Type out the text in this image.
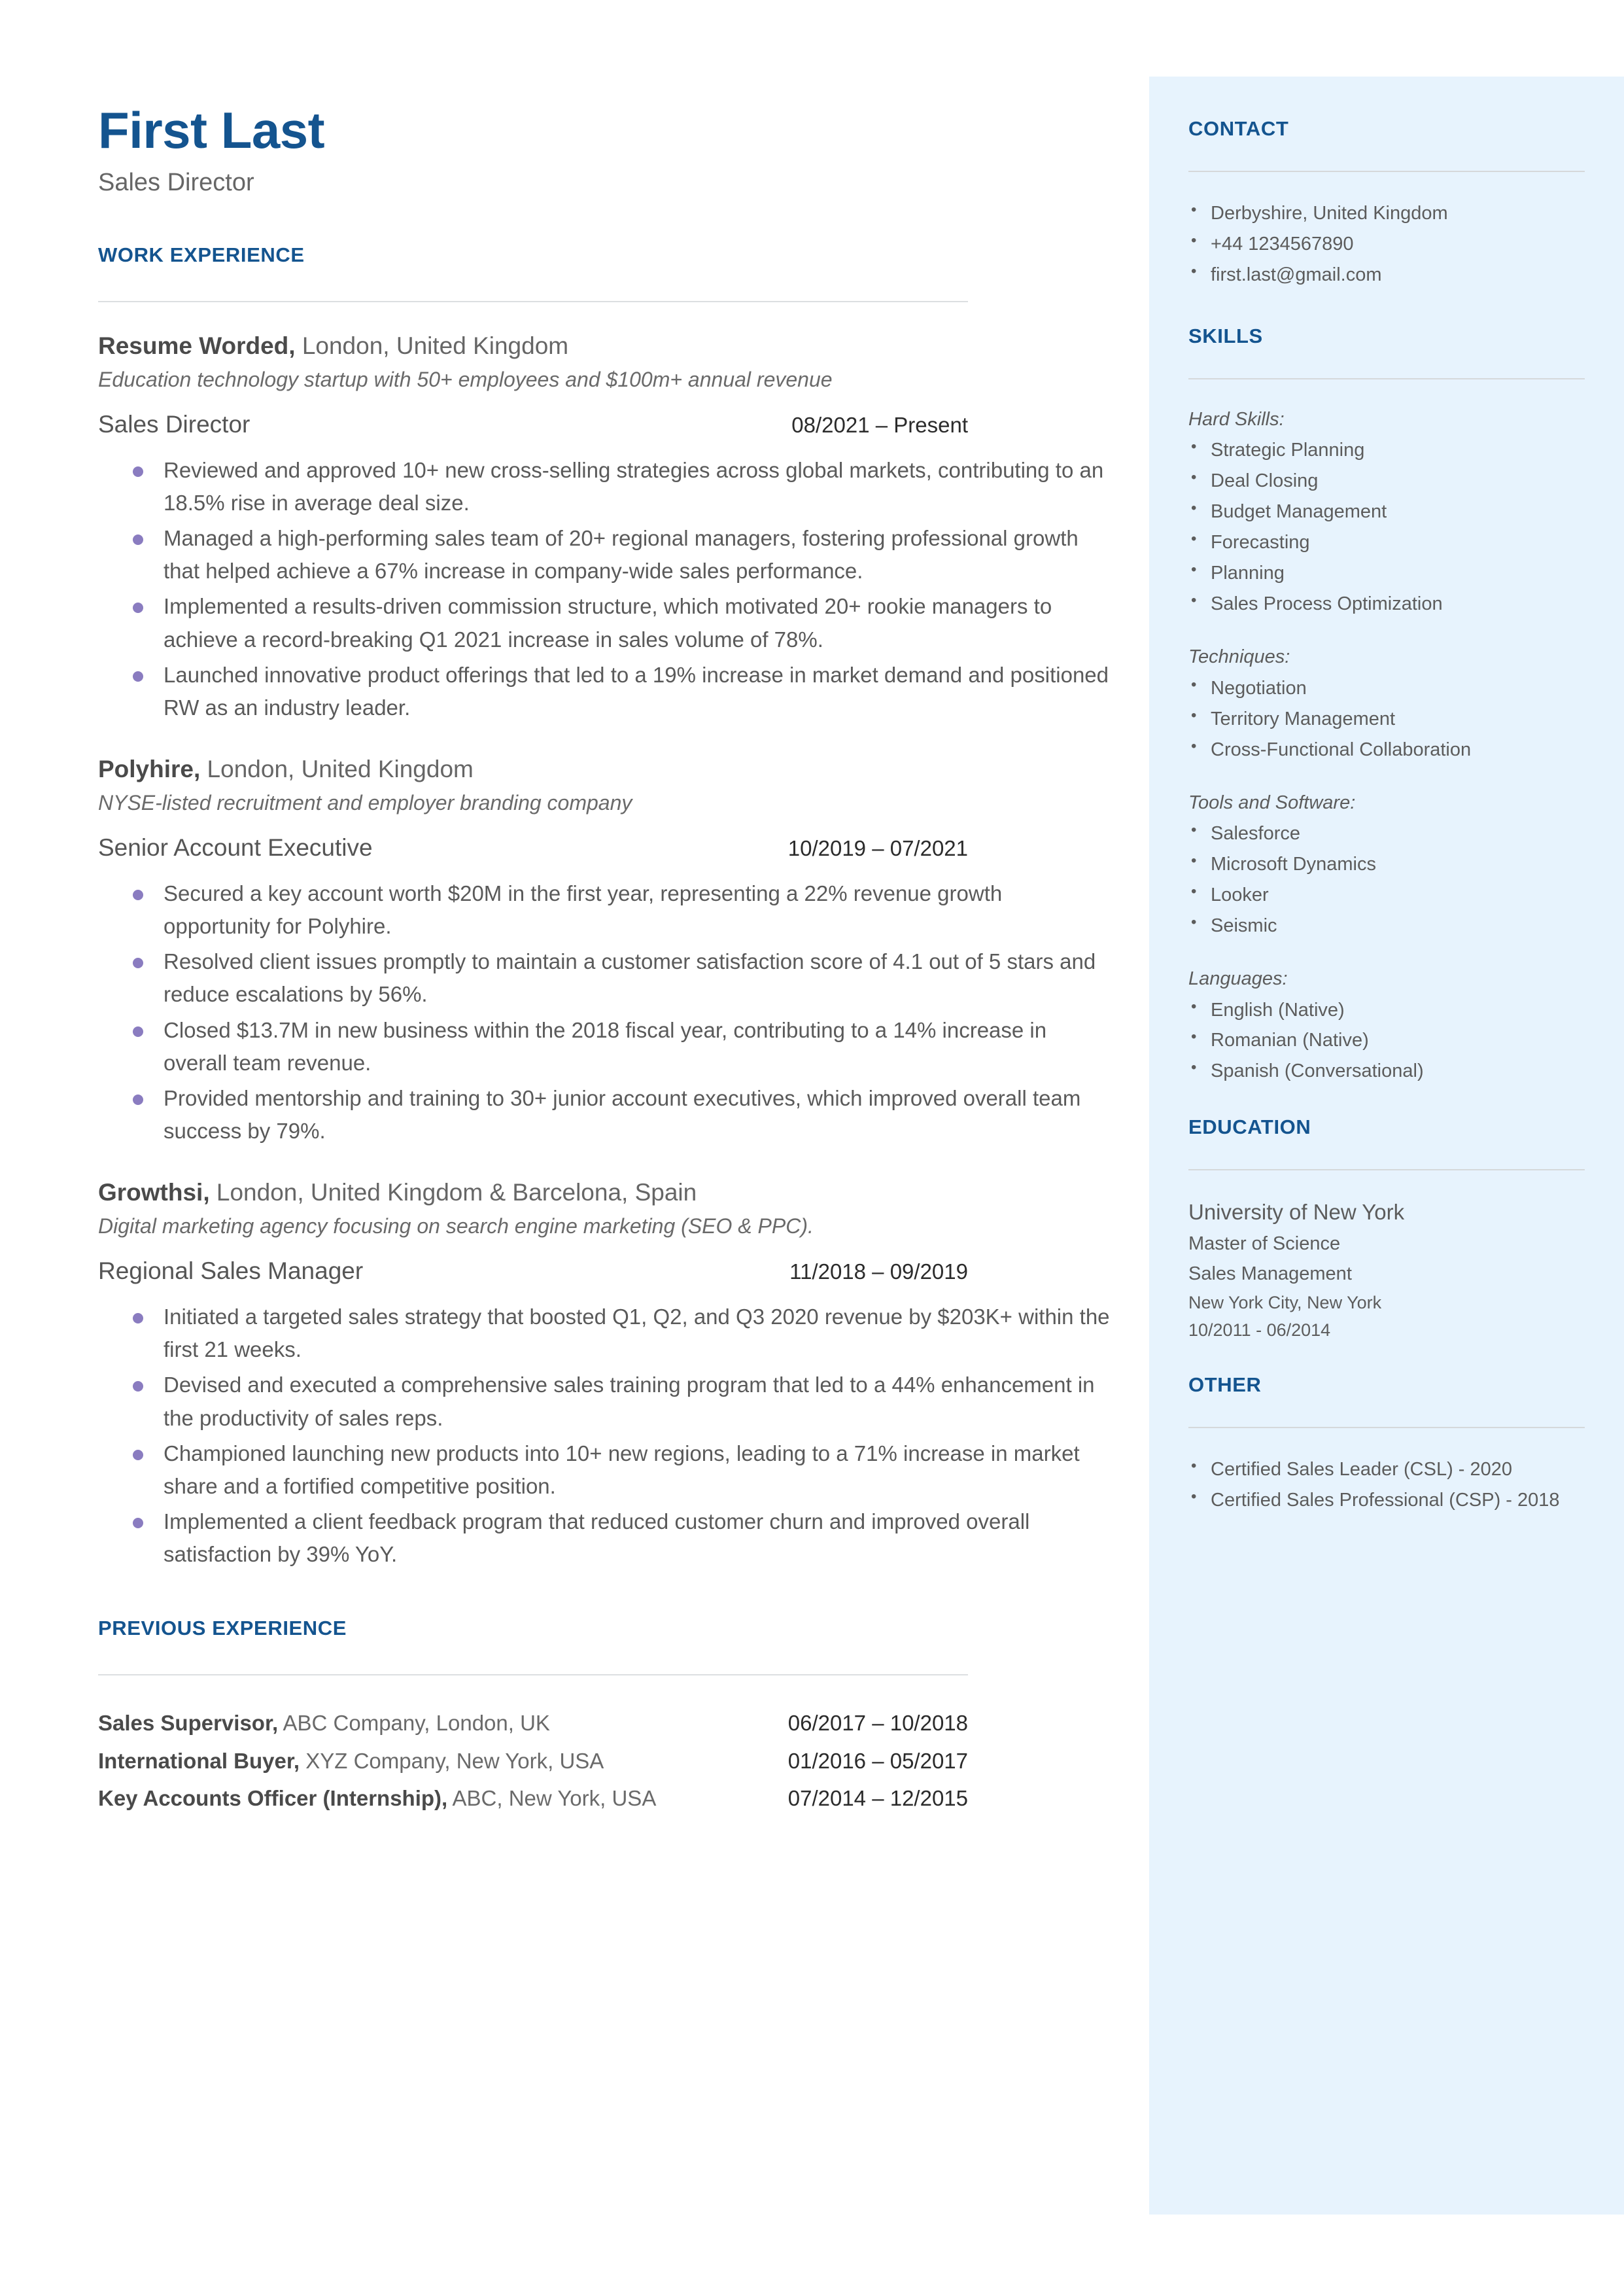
First Last
Sales Director
WORK EXPERIENCE
Resume Worded, London, United Kingdom
Education technology startup with 50+ employees and $100m+ annual revenue
Sales Director	08/2021 – Present
Reviewed and approved 10+ new cross-selling strategies across global markets, contributing to an 18.5% rise in average deal size.
Managed a high-performing sales team of 20+ regional managers, fostering professional growth that helped achieve a 67% increase in company-wide sales performance.
Implemented a results-driven commission structure, which motivated 20+ rookie managers to achieve a record-breaking Q1 2021 increase in sales volume of 78%.
Launched innovative product offerings that led to a 19% increase in market demand and positioned RW as an industry leader.
Polyhire, London, United Kingdom
NYSE-listed recruitment and employer branding company
Senior Account Executive	10/2019 – 07/2021
Secured a key account worth $20M in the first year, representing a 22% revenue growth opportunity for Polyhire.
Resolved client issues promptly to maintain a customer satisfaction score of 4.1 out of 5 stars and reduce escalations by 56%.
Closed $13.7M in new business within the 2018 fiscal year, contributing to a 14% increase in overall team revenue.
Provided mentorship and training to 30+ junior account executives, which improved overall team success by 79%.
Growthsi, London, United Kingdom & Barcelona, Spain
Digital marketing agency focusing on search engine marketing (SEO & PPC).
Regional Sales Manager	11/2018 – 09/2019
Initiated a targeted sales strategy that boosted Q1, Q2, and Q3 2020 revenue by $203K+ within the first 21 weeks.
Devised and executed a comprehensive sales training program that led to a 44% enhancement in the productivity of sales reps.
Championed launching new products into 10+ new regions, leading to a 71% increase in market share and a fortified competitive position.
Implemented a client feedback program that reduced customer churn and improved overall satisfaction by 39% YoY.
PREVIOUS EXPERIENCE
Sales Supervisor, ABC Company, London, UK	06/2017 – 10/2018
International Buyer, XYZ Company, New York, USA	01/2016 – 05/2017
Key Accounts Officer (Internship), ABC, New York, USA	07/2014 – 12/2015
CONTACT
• Derbyshire, United Kingdom
• +44 1234567890
• first.last@gmail.com
SKILLS
Hard Skills:
• Strategic Planning
• Deal Closing
• Budget Management
• Forecasting
• Planning
• Sales Process Optimization
Techniques:
• Negotiation
• Territory Management
• Cross-Functional Collaboration
Tools and Software:
• Salesforce
• Microsoft Dynamics
• Looker
• Seismic
Languages:
• English (Native)
• Romanian (Native)
• Spanish (Conversational)
EDUCATION
University of New York
Master of Science
Sales Management
New York City, New York
10/2011 - 06/2014
OTHER
• Certified Sales Leader (CSL) - 2020
• Certified Sales Professional (CSP) - 2018
